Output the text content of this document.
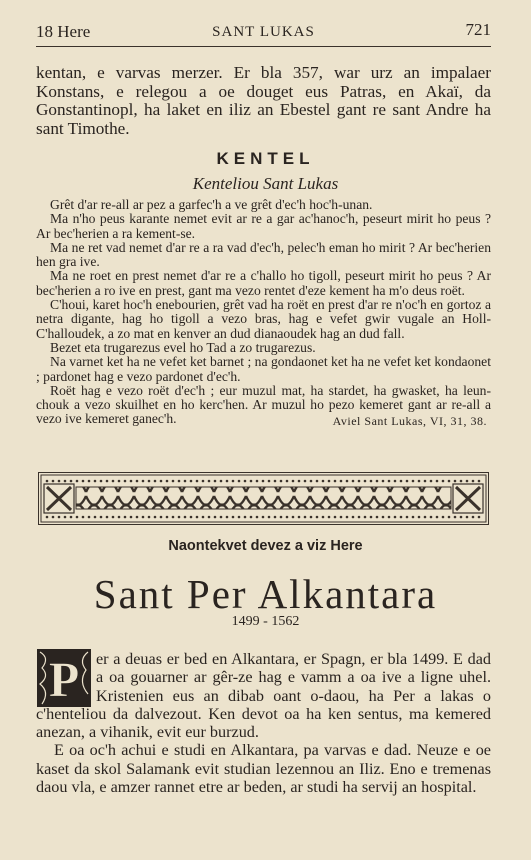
18 Here	SANT LUKAS	721
kentan, e varvas merzer. Er bla 357, war urz an impalaer Konstans, e relegou a oe douget eus Patras, en Akaï, da Gonstantinopl, ha laket en iliz an Ebestel gant re sant Andre ha sant Timothe.
KENTEL
Kenteliou Sant Lukas

Grêt d'ar re-all ar pez a garfec'h a ve grêt d'ec'h hoc'h-unan.

Ma n'ho peus karante nemet evit ar re a gar ac'hanoc'h, peseurt mirit ho peus ? Ar bec'herien a ra kement-se.

Ma ne ret vad nemet d'ar re a ra vad d'ec'h, pelec'h eman ho mirit ? Ar bec'herien hen gra ive.

Ma ne roet en prest nemet d'ar re a c'hallo ho tigoll, peseurt mirit ho peus ? Ar bec'herien a ro ive en prest, gant ma vezo rentet d'eze kement ha m'o deus roët.

C'houi, karet hoc'h enebourien, grêt vad ha roët en prest d'ar re n'oc'h en gortoz a netra digante, hag ho tigoll a vezo bras, hag e vefet gwir vugale an Holl-C'halloudek, a zo mat en kenver an dud dianaoudek hag an dud fall.

Bezet eta trugarezus evel ho Tad a zo trugarezus.

Na varnet ket ha ne vefet ket barnet ; na gondaonet ket ha ne vefet ket kondaonet ; pardonet hag e vezo pardonet d'ec'h.

Roët hag e vezo roët d'ec'h ; eur muzul mat, ha stardet, ha gwasket, ha leun-chouk a vezo skuilhet en ho kerc'hen. Ar muzul ho pezo kemeret gant ar re-all a vezo ive kemeret ganec'h.	Aviel Sant Lukas, VI, 31, 38.
Naontekvet devez a viz Here
Sant Per Alkantara
1499 - 1562
P	er a deuas er bed en Alkantara, er Spagn, er bla 1499. E dad a oa gouarner ar gêr-ze hag e vamm a oa ive a ligne uhel. Kristenien eus an dibab oant o-daou, ha Per a lakas o c'henteliou da dalvezout. Ken devot oa ha ken sentus, ma kemered anezan, a vihanik, evit eur burzud.

E oa oc'h achui e studi en Alkantara, pa varvas e dad. Neuze e oe kaset da skol Salamank evit studian lezennou an Iliz. Eno e tremenas daou vla, e amzer rannet etre ar beden, ar studi ha servij an hospital.
